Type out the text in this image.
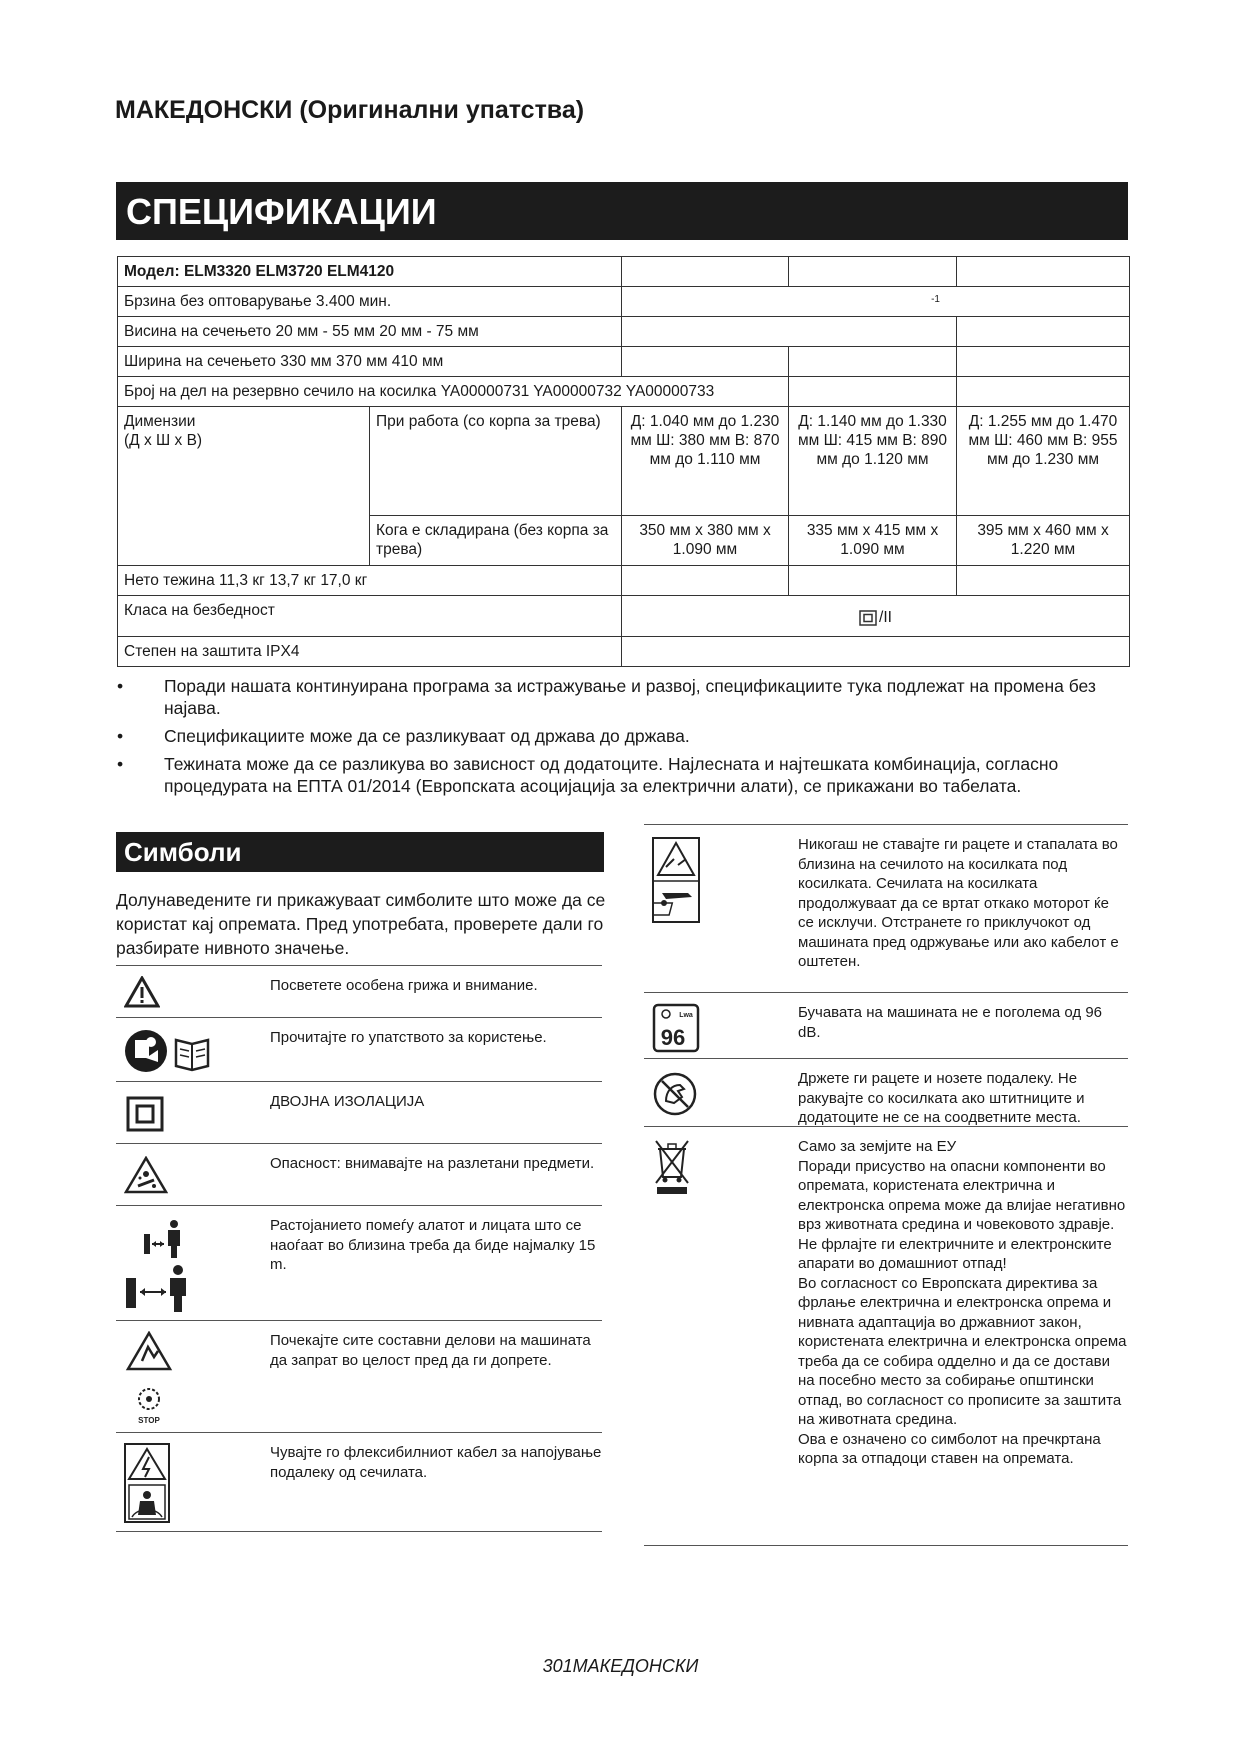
МАКЕДОНСКИ (Оригинални упатства)
СПЕЦИФИКАЦИИ
Модел: ELM3320 ELM3720 ELM4120				
Брзина без оптоварување 3.400 мин.		-1		

Висина на сечењето 20 мм - 55 мм 20 мм - 75 мм				
Ширина на сечењето 330 мм 370 мм 410 мм				
Број на дел на резервно сечило на косилка YA00000731 YA00000732 YA00000733				
Димензии
(Д х Ш х В)	При работа (со корпа за трева)	Д: 1.040 мм до 1.230 мм Ш: 380 мм В: 870 мм до 1.110 мм	Д: 1.140 мм до 1.330 мм Ш: 415 мм В: 890 мм до 1.120 мм	Д: 1.255 мм до 1.470 мм Ш: 460 мм В: 955 мм до 1.230 мм
	Кога е складирана (без корпа за трева)	350 мм х 380 мм х 1.090 мм	335 мм х 415 мм х 1.090 мм	395 мм х 460 мм х 1.220 мм
Нето тежина 11,3 кг 13,7 кг 17,0 кг				
Класа на безбедност		/II		

Степен на заштита IPX4				
• Поради нашата континуирана програма за истражување и развој, спецификациите тука подлежат на промена без најава.
• Спецификациите може да се разликуваат од држава до држава.
• Тежината може да се разликува во зависност од додатоците. Најлесната и најтешката комбинација, согласно процедурата на ЕПТА 01/2014 (Европската асоцијација за електрични алати), се прикажани во табелата.
Симболи

Долунаведените ги прикажуваат симболите што може да се користат кај опремата. Пред употребата, проверете дали го разбирате нивното значење.

Посветете особена грижа и внимание.
Прочитајте го упатството за користење.
ДВОЈНА ИЗОЛАЦИЈА
Опасност: внимавајте на разлетани предмети.
Растојанието помеѓу алатот и лицата што се наоѓаат во близина треба да биде најмалку 15 m.
STOP
Почекајте сите составни делови на машината да запрат во целост пред да ги допрете.
Чувајте го флексибилниот кабел за напојување подалеку од сечилата.
Никогаш не ставајте ги рацете и стапалата во близина на сечилото на косилката под косилката. Сечилата на косилката продолжуваат да се вртат откако моторот ќе се исклучи. Отстранете го приклучокот од машината пред одржување или ако кабелот е оштетен.
Lwa
96
Бучавата на машината не е поголема од 96 dB.
Држете ги рацете и нозете подалеку. Не ракувајте со косилката ако штитниците и додатоците не се на соодветните места.
Само за земјите на ЕУ
Поради присуство на опасни компоненти во опремата, користената електрична и електронска опрема може да влијае негативно врз животната средина и човековото здравје.
Не фрлајте ги електричните и електронските апарати во домашниот отпад!
Во согласност со Европската директива за фрлање електрична и електронска опрема и нивната адаптација во државниот закон, користената електрична и електронска опрема треба да се собира одделно и да се достави на посебно место за собирање општински отпад, во согласност со прописите за заштита на животната средина.
Ова е означено со симболот на пречкртана корпа за отпадоци ставен на опремата.
301МАКЕДОНСКИ
